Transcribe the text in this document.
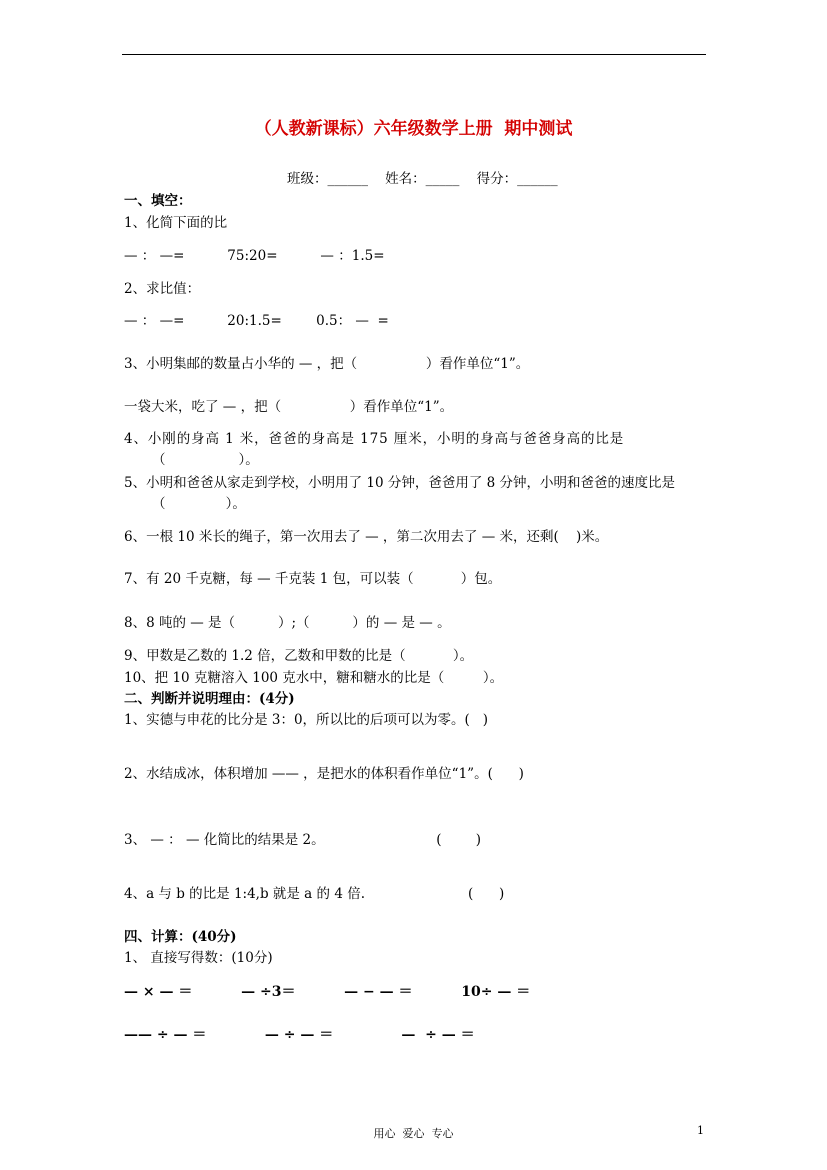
（人教新课标）六年级数学上册  期中测试
班级：______    姓名：_____    得分：______
一、填空：
1、化简下面的比
— ： —=          75:20=          — ：1.5=
2、求比值：
— ： —=          20:1.5=        0.5： —  =
3、小明集邮的数量占小华的 — ，把（                ）看作单位“1”。
一袋大米，吃了 — ，把（                ）看作单位“1”。
4、小刚的身高 1 米，爸爸的身高是 175 厘米，小明的身高与爸爸身高的比是
（                 ）。
5、小明和爸爸从家走到学校，小明用了 10 分钟，爸爸用了 8 分钟，小明和爸爸的速度比是
（              ）。
6、一根 10 米长的绳子，第一次用去了 — ，第二次用去了 — 米，还剩(    )米。
7、有 20 千克糖，每 — 千克装 1 包，可以装（           ）包。
8、8 吨的 — 是（          ）;（          ）的 — 是 — 。
9、甲数是乙数的 1.2 倍，乙数和甲数的比是（           ）。
10、把 10 克糖溶入 100 克水中，糖和糖水的比是（         ）。
二、判断并说明理由：(4分)
1、实德与申花的比分是 3：0，所以比的后项可以为零。(   )
2、水结成冰，体积增加 —— ，是把水的体积看作单位“1”。(      )
3、 — ： — 化简比的结果是 2。                          (        )
4、a 与 b 的比是 1:4,b 就是 a 的 4 倍.                        (      )
四、计算：(40分)
1、 直接写得数：(10分)
— × — ＝          — ÷3＝          — − — ＝          10÷ — ＝
—— ÷ — ＝            — ÷ — ＝              —  ÷ — ＝
用心  爱心  专心	1
